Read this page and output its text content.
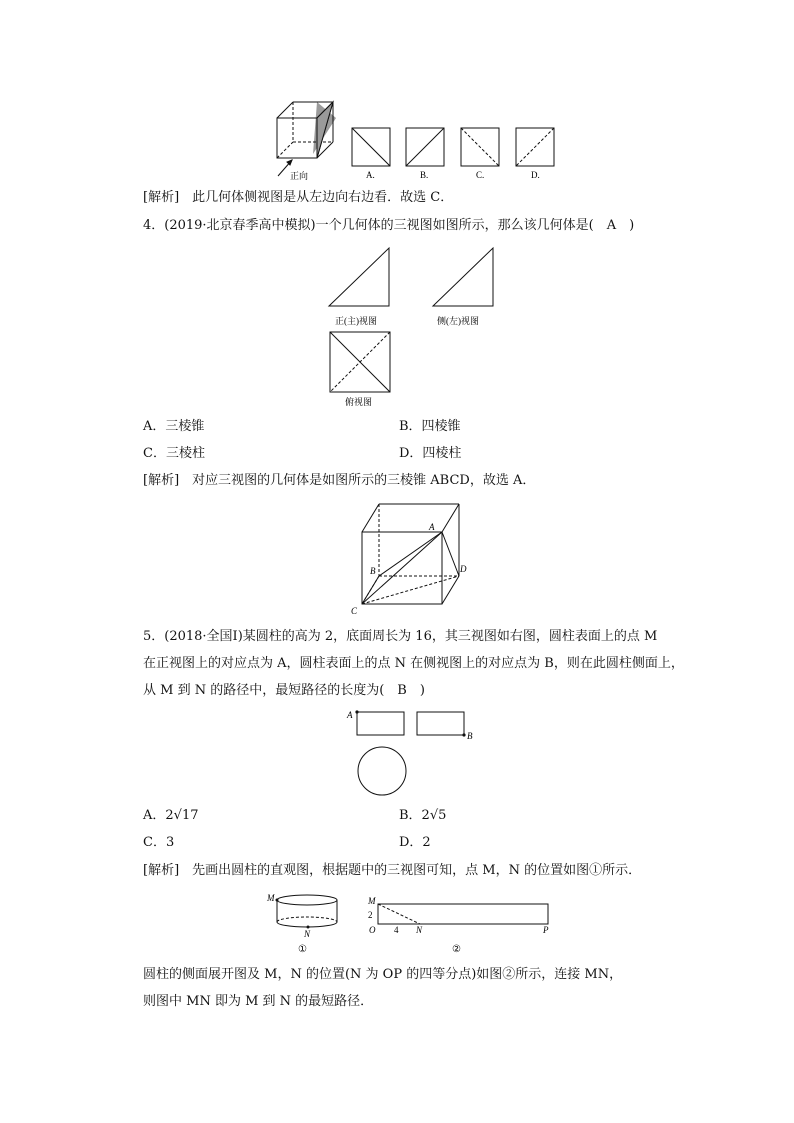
正向	A.	B.	C.	D.
[解析]　此几何体侧视图是从左边向右边看．故选 C．
4．(2019·北京春季高中模拟)一个几何体的三视图如图所示，那么该几何体是(　A　)
正(主)视图	侧(左)视图
俯视图
A．三棱锥	B．四棱锥
C．三棱柱	D．四棱柱
[解析]　对应三视图的几何体是如图所示的三棱锥 ABCD，故选 A．
A
B
C
D
5．(2018·全国Ⅰ)某圆柱的高为 2，底面周长为 16，其三视图如右图，圆柱表面上的点 M
在正视图上的对应点为 A，圆柱表面上的点 N 在侧视图上的对应点为 B，则在此圆柱侧面上，
从 M 到 N 的路径中，最短路径的长度为(　B　)
A
B
A．2√17	B．2√5
C．3	D．2
[解析]　先画出圆柱的直观图，根据题中的三视图可知，点 M，N 的位置如图①所示．
M
N
①
M
2
O 4 N	P
②
圆柱的侧面展开图及 M，N 的位置(N 为 OP 的四等分点)如图②所示，连接 MN，
则图中 MN 即为 M 到 N 的最短路径．
